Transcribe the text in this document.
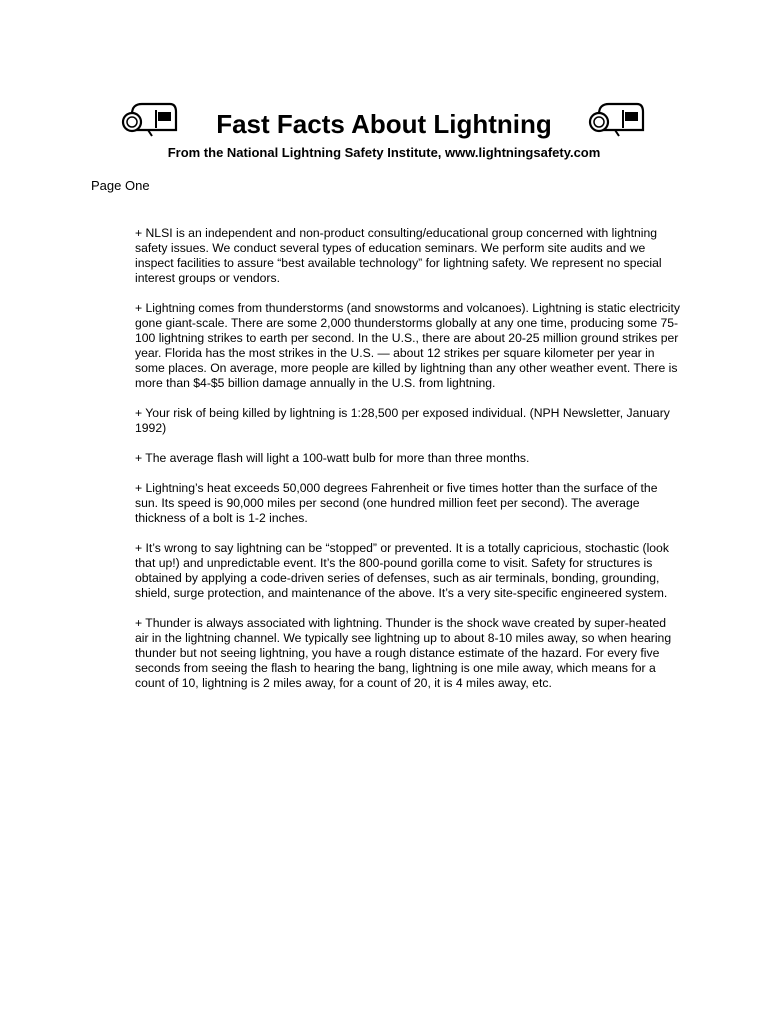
Fast Facts About Lightning

From the National Lightning Safety Institute, www.lightningsafety.com

Page One

+ NLSI is an independent and non-product consulting/educational group concerned with lightning safety issues. We conduct several types of education seminars. We perform site audits and we inspect facilities to assure “best available technology” for lightning safety. We represent no special interest groups or vendors.

+ Lightning comes from thunderstorms (and snowstorms and volcanoes). Lightning is static electricity gone giant-scale. There are some 2,000 thunderstorms globally at any one time, producing some 75-100 lightning strikes to earth per second. In the U.S., there are about 20-25 million ground strikes per year. Florida has the most strikes in the U.S. — about 12 strikes per square kilometer per year in some places. On average, more people are killed by lightning than any other weather event. There is more than $4-$5 billion damage annually in the U.S. from lightning.

+ Your risk of being killed by lightning is 1:28,500 per exposed individual. (NPH Newsletter, January 1992)

+ The average flash will light a 100-watt bulb for more than three months.

+ Lightning’s heat exceeds 50,000 degrees Fahrenheit or five times hotter than the surface of the sun. Its speed is 90,000 miles per second (one hundred million feet per second). The average thickness of a bolt is 1-2 inches.

+ It’s wrong to say lightning can be “stopped” or prevented. It is a totally capricious, stochastic (look that up!) and unpredictable event. It’s the 800-pound gorilla come to visit. Safety for structures is obtained by applying a code-driven series of defenses, such as air terminals, bonding, grounding, shield, surge protection, and maintenance of the above. It’s a very site-specific engineered system.

+ Thunder is always associated with lightning. Thunder is the shock wave created by super-heated air in the lightning channel. We typically see lightning up to about 8-10 miles away, so when hearing thunder but not seeing lightning, you have a rough distance estimate of the hazard. For every five seconds from seeing the flash to hearing the bang, lightning is one mile away, which means for a count of 10, lightning is 2 miles away, for a count of 20, it is 4 miles away, etc.
